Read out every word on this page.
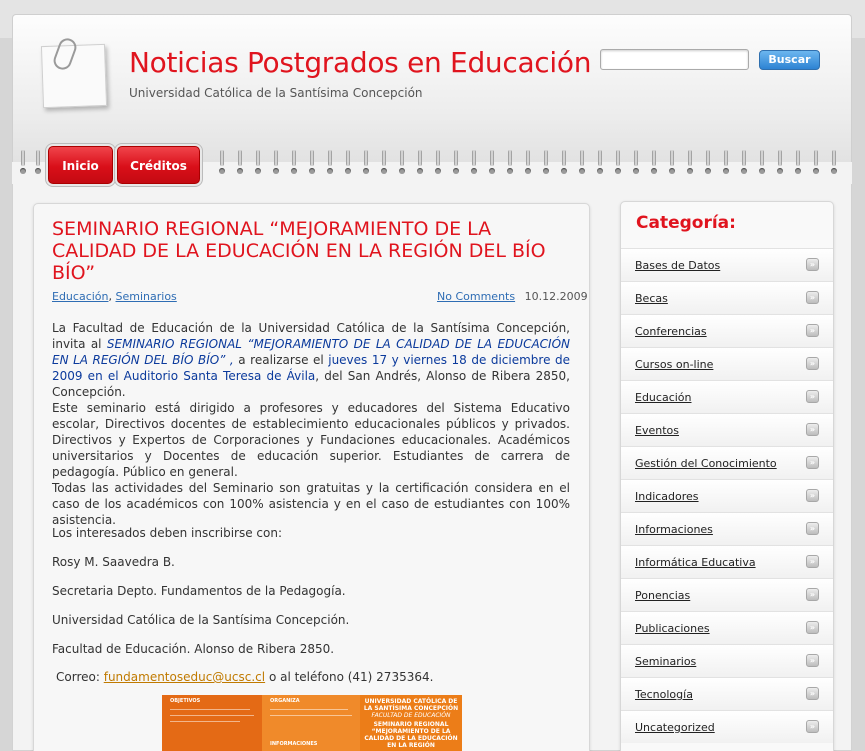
Noticias Postgrados en Educación
Universidad Católica de la Santísima Concepción
Buscar
Inicio	Créditos
SEMINARIO REGIONAL “MEJORAMIENTO DE LA CALIDAD DE LA EDUCACIÓN EN LA REGIÓN DEL BÍO BÍO”
Educación, Seminarios	No Comments 10.12.2009
La Facultad de Educación de la Universidad Católica de la Santísima Concepción, invita al SEMINARIO REGIONAL “MEJORAMIENTO DE LA CALIDAD DE LA EDUCACIÓN EN LA REGIÓN DEL BÍO BÍO” , a realizarse el jueves 17 y viernes 18 de diciembre de 2009 en el Auditorio Santa Teresa de Ávila, del San Andrés, Alonso de Ribera 2850, Concepción.
Este seminario está dirigido a profesores y educadores del Sistema Educativo escolar, Directivos docentes de establecimiento educacionales públicos y privados. Directivos y Expertos de Corporaciones y Fundaciones educacionales. Académicos universitarios y Docentes de educación superior. Estudiantes de carrera de pedagogía. Público en general.
Todas las actividades del Seminario son gratuitas y la certificación considera en el caso de los académicos con 100% asistencia y en el caso de estudiantes con 100% asistencia.
Los interesados deben inscribirse con:
Rosy M. Saavedra B.
Secretaria Depto. Fundamentos de la Pedagogía.
Universidad Católica de la Santísima Concepción.
Facultad de Educación. Alonso de Ribera 2850.
Correo: fundamentoseduc@ucsc.cl o al teléfono (41) 2735364.
OBJETIVOS	ORGANIZA
INFORMACIONES
UNIVERSIDAD CATÓLICA DE LA SANTÍSIMA CONCEPCIÓN
FACULTAD DE EDUCACIÓN
SEMINARIO REGIONAL “MEJORAMIENTO DE LA CALIDAD DE LA EDUCACIÓN EN LA REGIÓN
Categoría:
Bases de Datos	»
Becas	»
Conferencias	»
Cursos on-line	»
Educación	»
Eventos	»
Gestión del Conocimiento	»
Indicadores	»
Informaciones	»
Informática Educativa	»
Ponencias	»
Publicaciones	»
Seminarios	»
Tecnología	»
Uncategorized	»
